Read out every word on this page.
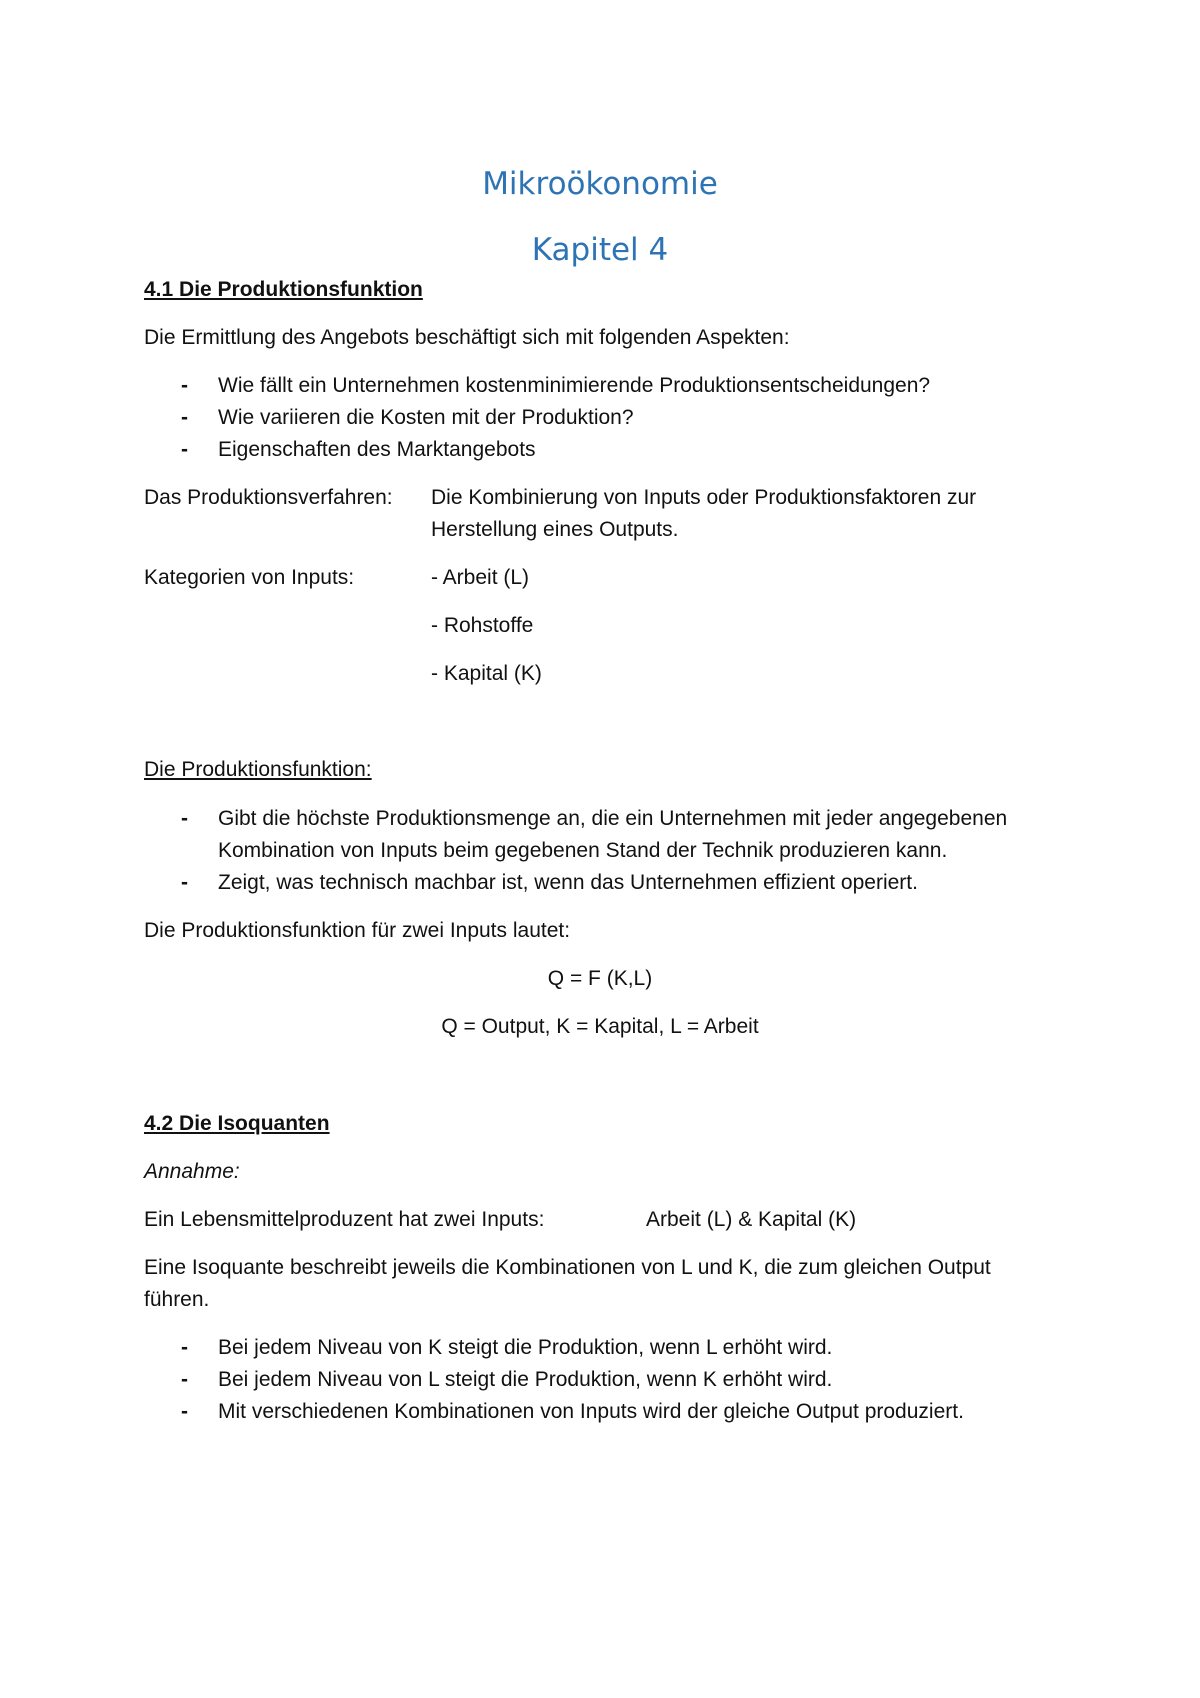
Mikroökonomie
Kapitel 4
4.1 Die Produktionsfunktion
Die Ermittlung des Angebots beschäftigt sich mit folgenden Aspekten:
- Wie fällt ein Unternehmen kostenminimierende Produktionsentscheidungen?
- Wie variieren die Kosten mit der Produktion?
- Eigenschaften des Marktangebots
Das Produktionsverfahren: Die Kombinierung von Inputs oder Produktionsfaktoren zur
Herstellung eines Outputs.
Kategorien von Inputs:	- Arbeit (L)
- Rohstoffe
- Kapital (K)
Die Produktionsfunktion:
- Gibt die höchste Produktionsmenge an, die ein Unternehmen mit jeder angegebenen
Kombination von Inputs beim gegebenen Stand der Technik produzieren kann.
- Zeigt, was technisch machbar ist, wenn das Unternehmen effizient operiert.
Die Produktionsfunktion für zwei Inputs lautet:
Q = F (K,L)
Q = Output, K = Kapital, L = Arbeit
4.2 Die Isoquanten
Annahme:
Ein Lebensmittelproduzent hat zwei Inputs:	Arbeit (L) & Kapital (K)
Eine Isoquante beschreibt jeweils die Kombinationen von L und K, die zum gleichen Output
führen.
- Bei jedem Niveau von K steigt die Produktion, wenn L erhöht wird.
- Bei jedem Niveau von L steigt die Produktion, wenn K erhöht wird.
- Mit verschiedenen Kombinationen von Inputs wird der gleiche Output produziert.
